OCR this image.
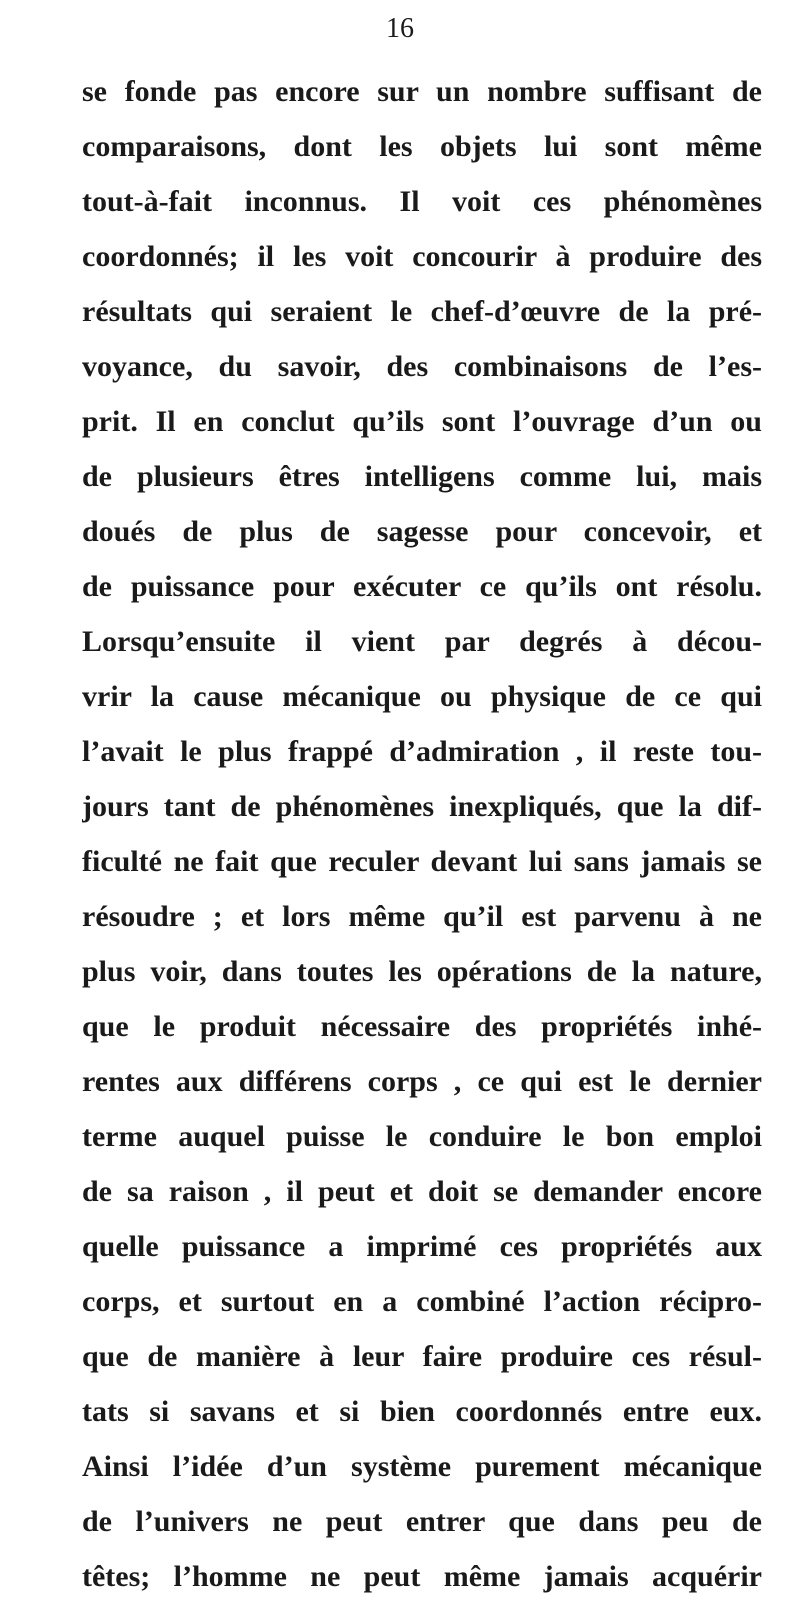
16
se fonde pas encore sur un nombre suffisant de
comparaisons, dont les objets lui sont même
tout-à-fait inconnus. Il voit ces phénomènes
coordonnés; il les voit concourir à produire des
résultats qui seraient le chef-d’œuvre de la pré-
voyance, du savoir, des combinaisons de l’es-
prit. Il en conclut qu’ils sont l’ouvrage d’un ou
de plusieurs êtres intelligens comme lui, mais
doués de plus de sagesse pour concevoir, et
de puissance pour exécuter ce qu’ils ont résolu.
Lorsqu’ensuite il vient par degrés à décou-
vrir la cause mécanique ou physique de ce qui
l’avait le plus frappé d’admiration , il reste tou-
jours tant de phénomènes inexpliqués, que la dif-
ficulté ne fait que reculer devant lui sans jamais se
résoudre ; et lors même qu’il est parvenu à ne
plus voir, dans toutes les opérations de la nature,
que le produit nécessaire des propriétés inhé-
rentes aux différens corps , ce qui est le dernier
terme auquel puisse le conduire le bon emploi
de sa raison , il peut et doit se demander encore
quelle puissance a imprimé ces propriétés aux
corps, et surtout en a combiné l’action récipro-
que de manière à leur faire produire ces résul-
tats si savans et si bien coordonnés entre eux.
Ainsi l’idée d’un système purement mécanique
de l’univers ne peut entrer que dans peu de
têtes; l’homme ne peut même jamais acquérir
